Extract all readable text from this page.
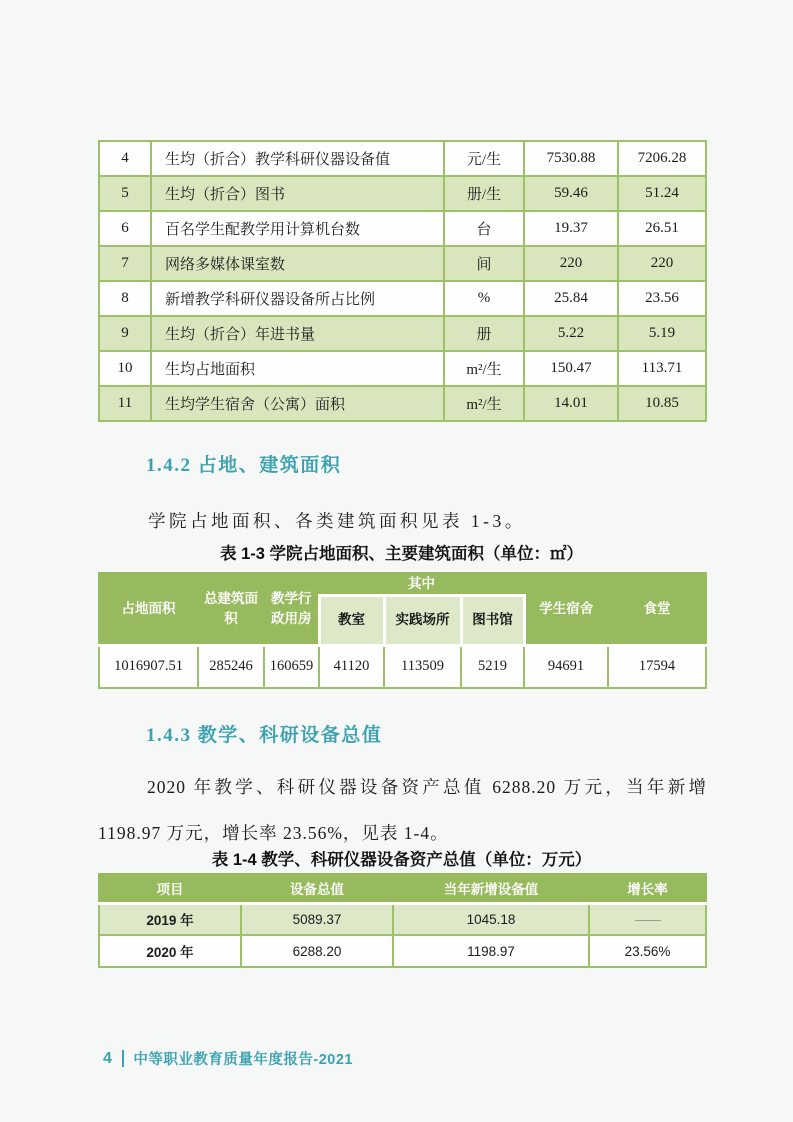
4	生均（折合）教学科研仪器设备值	元/生	7530.88	7206.28
5	生均（折合）图书	册/生	59.46	51.24
6	百名学生配教学用计算机台数	台	19.37	26.51
7	网络多媒体课室数	间	220	220
8	新增教学科研仪器设备所占比例	%	25.84	23.56
9	生均（折合）年进书量	册	5.22	5.19
10	生均占地面积	m²/生	150.47	113.71
11	生均学生宿舍（公寓）面积	m²/生	14.01	10.85
1.4.2 占地、建筑面积
学院占地面积、各类建筑面积见表 1-3。
表 1-3 学院占地面积、主要建筑面积（单位：㎡）
占地面积	总建筑面积	教学行政用房	其中			学生宿舍	食堂
			教室	实践场所	图书馆		
1016907.51	285246	160659	41120	113509	5219	94691	17594
1.4.3 教学、科研设备总值
2020 年教学、科研仪器设备资产总值 6288.20 万元，当年新增 1198.97 万元，增长率 23.56%，见表 1-4。
表 1-4 教学、科研仪器设备资产总值（单位：万元）
项目	设备总值	当年新增设备值	增长率
2019 年	5089.37	1045.18	——
2020 年	6288.20	1198.97	23.56%
4 中等职业教育质量年度报告-2021
